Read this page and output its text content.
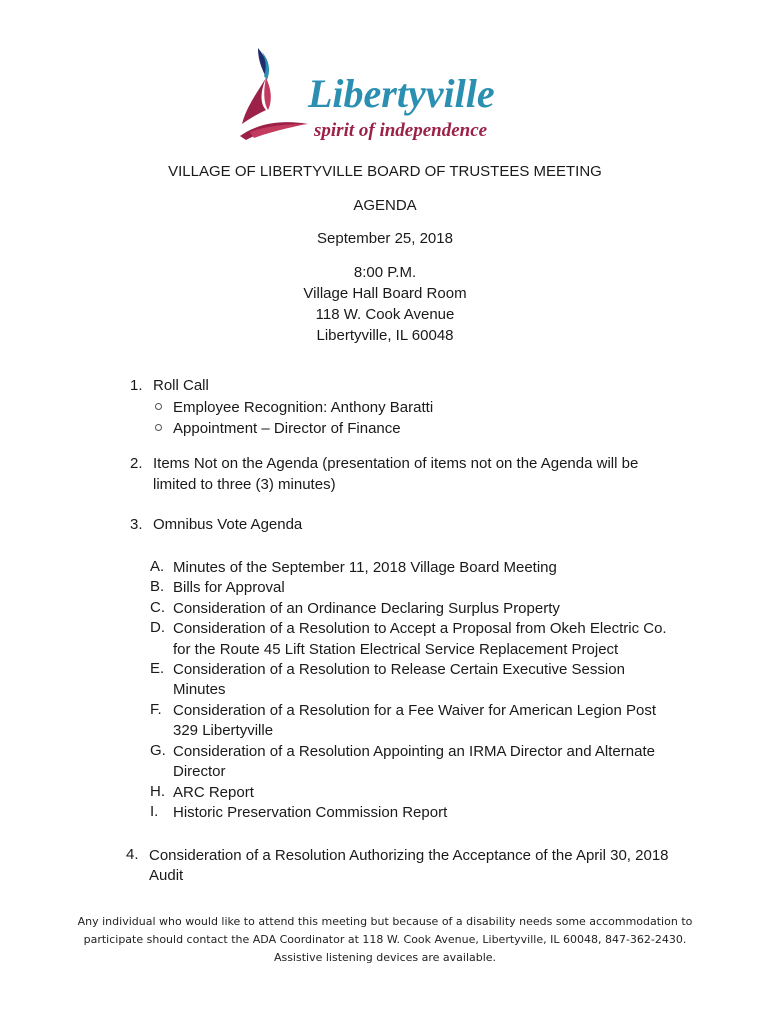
Libertyville
spirit of independence
VILLAGE OF LIBERTYVILLE BOARD OF TRUSTEES MEETING
AGENDA
September 25, 2018
8:00 P.M.
Village Hall Board Room
118 W. Cook Avenue
Libertyville, IL 60048
1. Roll Call
Employee Recognition: Anthony Baratti
Appointment – Director of Finance
2. Items Not on the Agenda (presentation of items not on the Agenda will be
limited to three (3) minutes)
3. Omnibus Vote Agenda
A. Minutes of the September 11, 2018 Village Board Meeting
B. Bills for Approval
C. Consideration of an Ordinance Declaring Surplus Property
D. Consideration of a Resolution to Accept a Proposal from Okeh Electric Co.
for the Route 45 Lift Station Electrical Service Replacement Project
E. Consideration of a Resolution to Release Certain Executive Session
Minutes
F. Consideration of a Resolution for a Fee Waiver for American Legion Post
329 Libertyville
G. Consideration of a Resolution Appointing an IRMA Director and Alternate
Director
H. ARC Report
I. Historic Preservation Commission Report
4. Consideration of a Resolution Authorizing the Acceptance of the April 30, 2018
Audit
Any individual who would like to attend this meeting but because of a disability needs some accommodation to
participate should contact the ADA Coordinator at 118 W. Cook Avenue, Libertyville, IL 60048, 847-362-2430.
Assistive listening devices are available.
